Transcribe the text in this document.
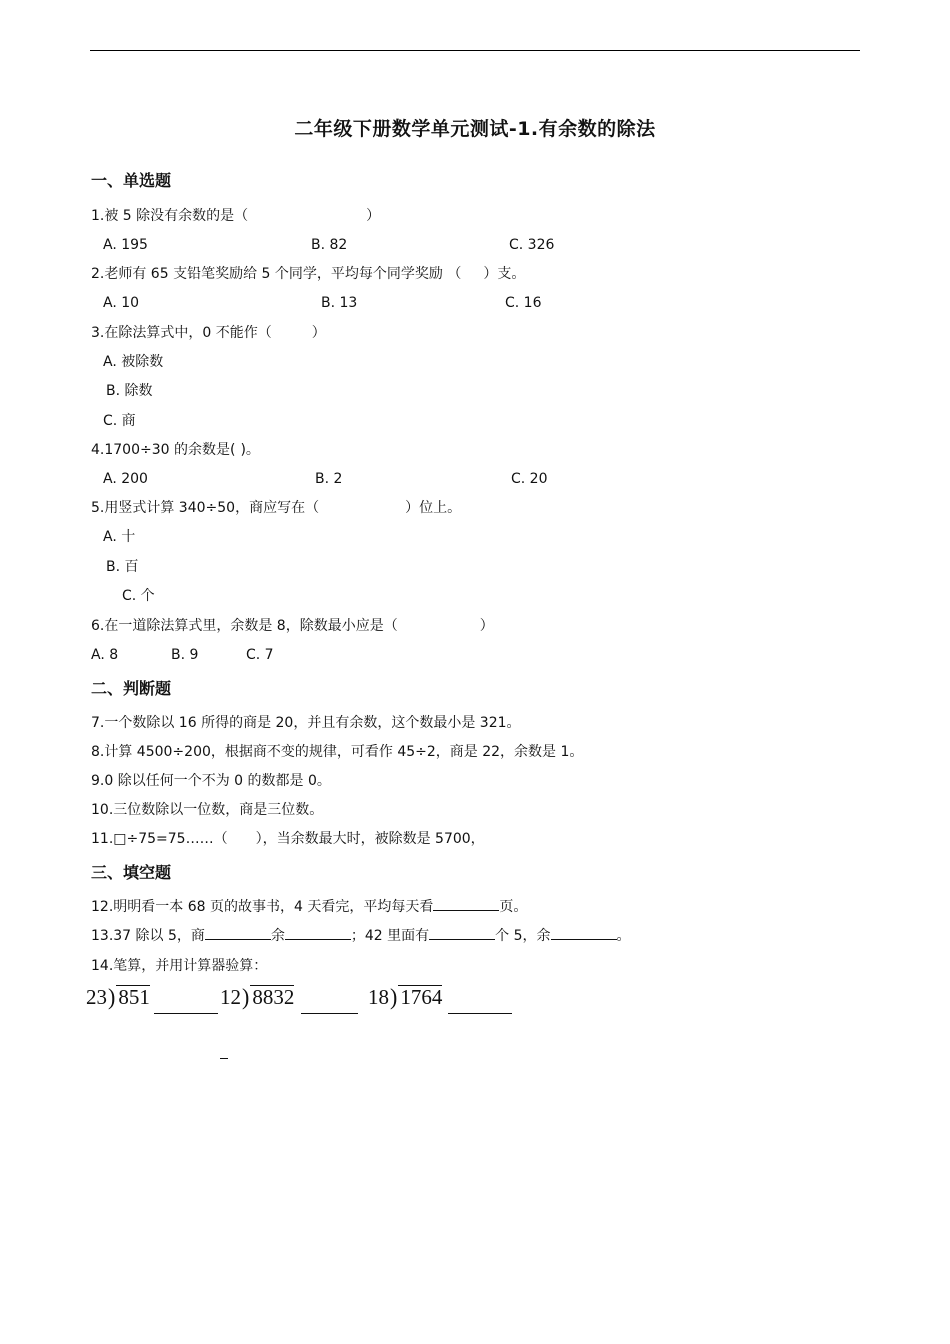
二年级下册数学单元测试-1.有余数的除法
一、单选题
1.被 5 除没有余数的是（	）
A. 195	B. 82	C. 326
2.老师有 65 支铅笔奖励给 5 个同学，平均每个同学奖励 （ ）支。
A. 10	B. 13	C. 16
3.在除法算式中，0 不能作（	）
A. 被除数
B. 除数
C. 商
4.1700÷30 的余数是( )。
A. 200	B. 2	C. 20
5.用竖式计算 340÷50，商应写在（	）位上。
A. 十
B. 百
C. 个
6.在一道除法算式里，余数是 8，除数最小应是（	）
A. 8	B. 9	C. 7
二、判断题
7.一个数除以 16 所得的商是 20，并且有余数，这个数最小是 321。
8.计算 4500÷200，根据商不变的规律，可看作 45÷2，商是 22，余数是 1。
9.0 除以任何一个不为 0 的数都是 0。
10.三位数除以一位数，商是三位数。
11.□÷75=75……（　　），当余数最大时，被除数是 5700，
三、填空题
12.明明看一本 68 页的故事书，4 天看完，平均每天看	页。
13.37 除以 5，商	余	；42 里面有	个 5，余	。
14.笔算，并用计算器验算：
23) 851	12) 8832	18) 1764
